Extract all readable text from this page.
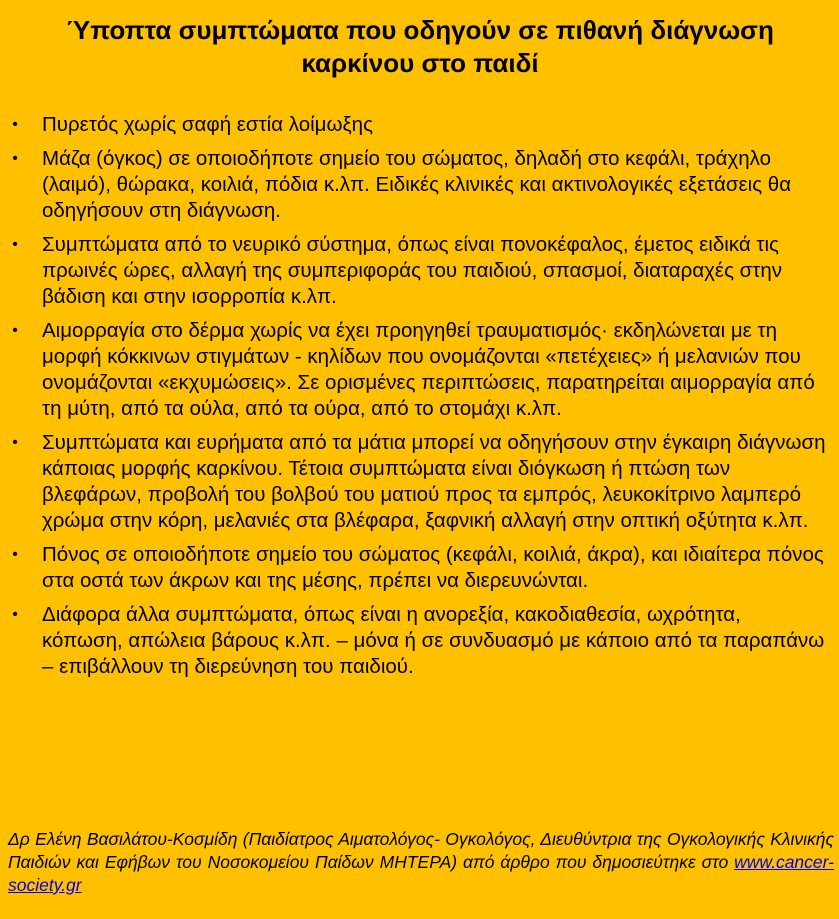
Ύποπτα συμπτώματα που οδηγούν σε πιθανή διάγνωση καρκίνου στο παιδί
• Πυρετός χωρίς σαφή εστία λοίμωξης
• Μάζα (όγκος) σε οποιοδήποτε σημείο του σώματος, δηλαδή στο κεφάλι, τράχηλο (λαιμό), θώρακα, κοιλιά, πόδια κ.λπ. Ειδικές κλινικές και ακτινολογικές εξετάσεις θα οδηγήσουν στη διάγνωση.
• Συμπτώματα από το νευρικό σύστημα, όπως είναι πονοκέφαλος, έμετος ειδικά τις πρωινές ώρες, αλλαγή της συμπεριφοράς του παιδιού, σπασμοί, διαταραχές στην βάδιση και στην ισορροπία κ.λπ.
• Αιμορραγία στο δέρμα χωρίς να έχει προηγηθεί τραυματισμός· εκδηλώνεται με τη μορφή κόκκινων στιγμάτων - κηλίδων που ονομάζονται «πετέχειες» ή μελανιών που ονομάζονται «εκχυμώσεις». Σε ορισμένες περιπτώσεις, παρατηρείται αιμορραγία από τη μύτη, από τα ούλα, από τα ούρα, από το στομάχι κ.λπ.
• Συμπτώματα και ευρήματα από τα μάτια μπορεί να οδηγήσουν στην έγκαιρη διάγνωση κάποιας μορφής καρκίνου. Τέτοια συμπτώματα είναι διόγκωση ή πτώση των βλεφάρων, προβολή του βολβού του ματιού προς τα εμπρός, λευκοκίτρινο λαμπερό χρώμα στην κόρη, μελανιές στα βλέφαρα, ξαφνική αλλαγή στην οπτική οξύτητα κ.λπ.
• Πόνος σε οποιοδήποτε σημείο του σώματος (κεφάλι, κοιλιά, άκρα), και ιδιαίτερα πόνος στα οστά των άκρων και της μέσης, πρέπει να διερευνώνται.
• Διάφορα άλλα συμπτώματα, όπως είναι η ανορεξία, κακοδιαθεσία, ωχρότητα, κόπωση, απώλεια βάρους κ.λπ. – μόνα ή σε συνδυασμό με κάποιο από τα παραπάνω – επιβάλλουν τη διερεύνηση του παιδιού.
Δρ Ελένη Βασιλάτου-Κοσμίδη (Παιδίατρος Αιματολόγος- Ογκολόγος, Διευθύντρια της Ογκολογικής Κλινικής Παιδιών και Εφήβων του Νοσοκομείου Παίδων ΜΗΤΕΡΑ) από άρθρο που δημοσιεύτηκε στο www.cancer-society.gr
